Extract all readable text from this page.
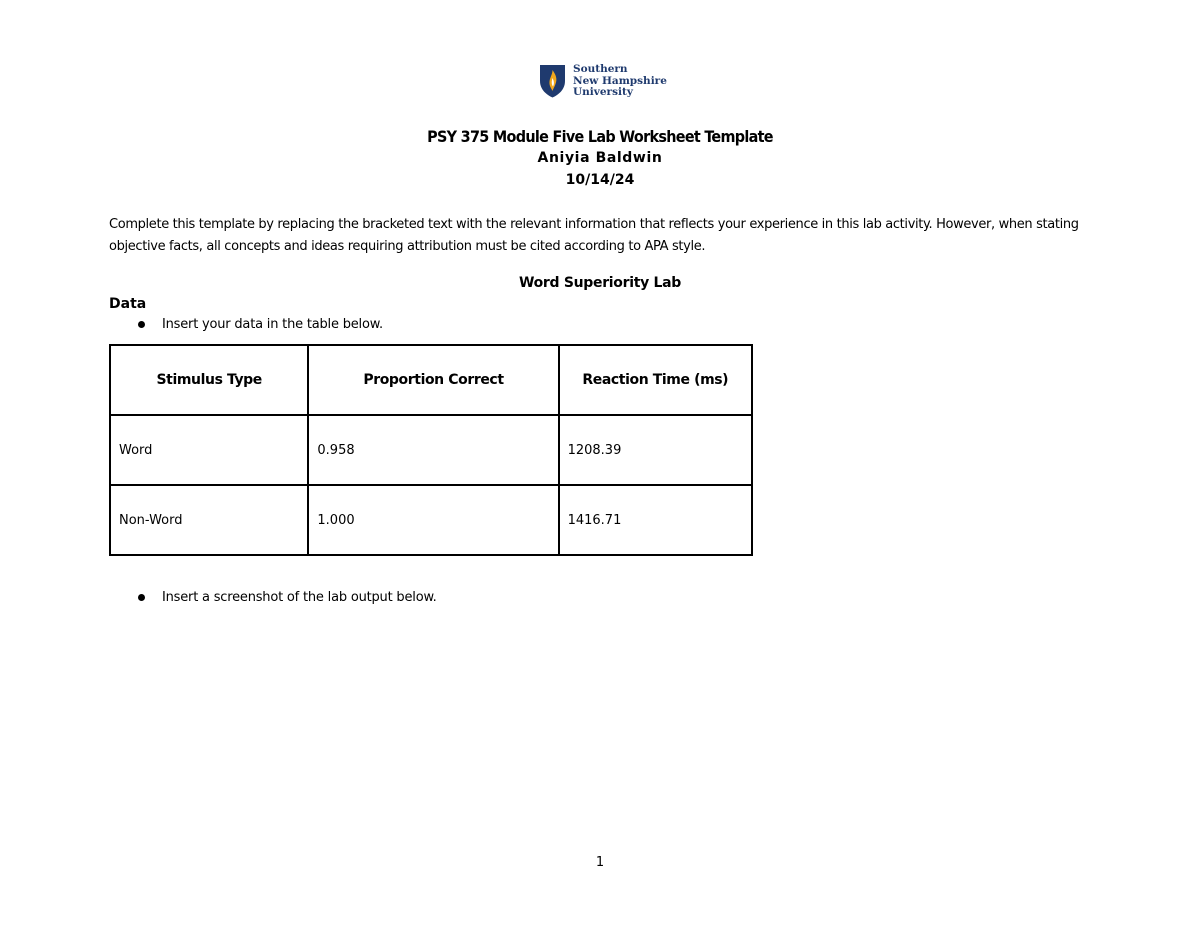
Southern
New Hampshire
University
PSY 375 Module Five Lab Worksheet Template

Aniyia Baldwin

10/14/24

Complete this template by replacing the bracketed text with the relevant information that reflects your experience in this lab activity. However, when stating objective facts, all concepts and ideas requiring attribution must be cited according to APA style.

Word Superiority Lab
Data
Insert your data in the table below.
Stimulus Type	Proportion Correct	Reaction Time (ms)
Word	0.958	1208.39
Non-Word	1.000	1416.71
Insert a screenshot of the lab output below.

1
